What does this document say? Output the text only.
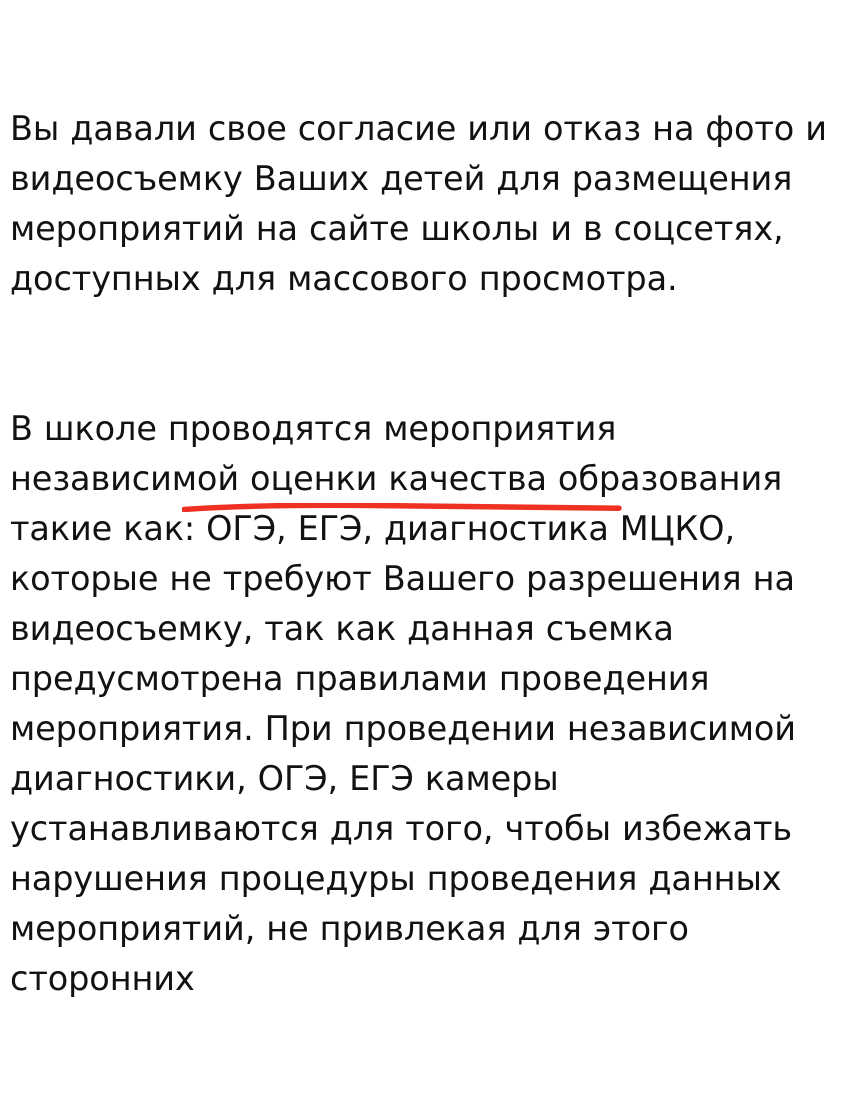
Вы давали свое согласие или отказ на фото и видеосъемку Ваших детей для размещения мероприятий на сайте школы и в соцсетях, доступных для массового просмотра.

В школе проводятся мероприятия независимой оценки качества образования такие как: ОГЭ, ЕГЭ, диагностика МЦКО, которые не требуют Вашего разрешения на видеосъемку, так как данная съемка предусмотрена правилами проведения мероприятия. При проведении независимой диагностики, ОГЭ, ЕГЭ камеры устанавливаются для того, чтобы избежать нарушения процедуры проведения данных мероприятий, не привлекая для этого сторонних
